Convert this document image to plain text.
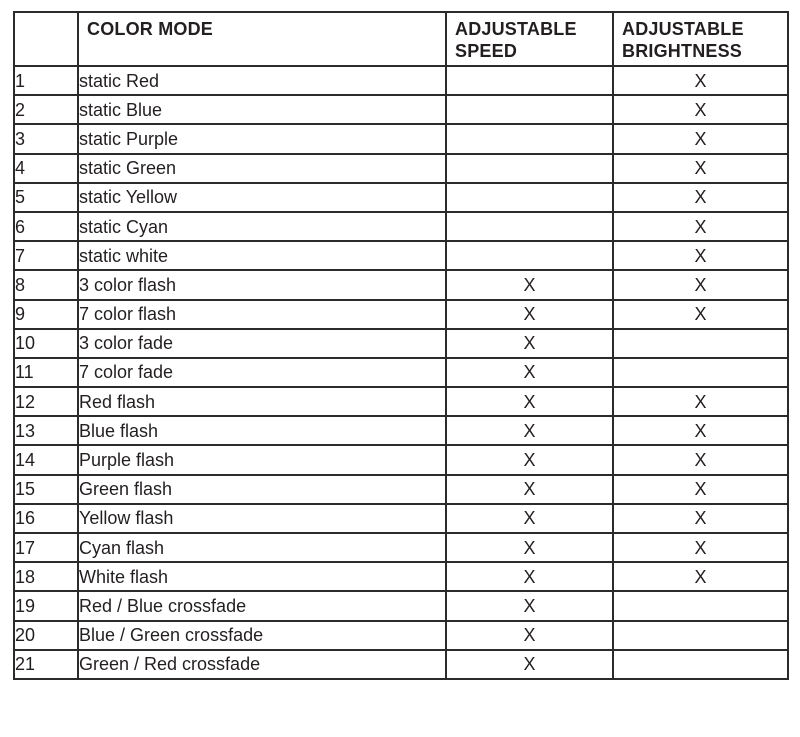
	COLOR MODE	ADJUSTABLE SPEED	ADJUSTABLE BRIGHTNESS
1	static Red		X
2	static Blue		X
3	static Purple		X
4	static Green		X
5	static Yellow		X
6	static Cyan		X
7	static white		X
8	3 color flash	X	X
9	7 color flash	X	X
10	3 color fade	X	
11	7 color fade	X	
12	Red flash	X	X
13	Blue flash	X	X
14	Purple flash	X	X
15	Green flash	X	X
16	Yellow flash	X	X
17	Cyan flash	X	X
18	White flash	X	X
19	Red / Blue crossfade	X	
20	Blue / Green crossfade	X	
21	Green / Red crossfade	X	
